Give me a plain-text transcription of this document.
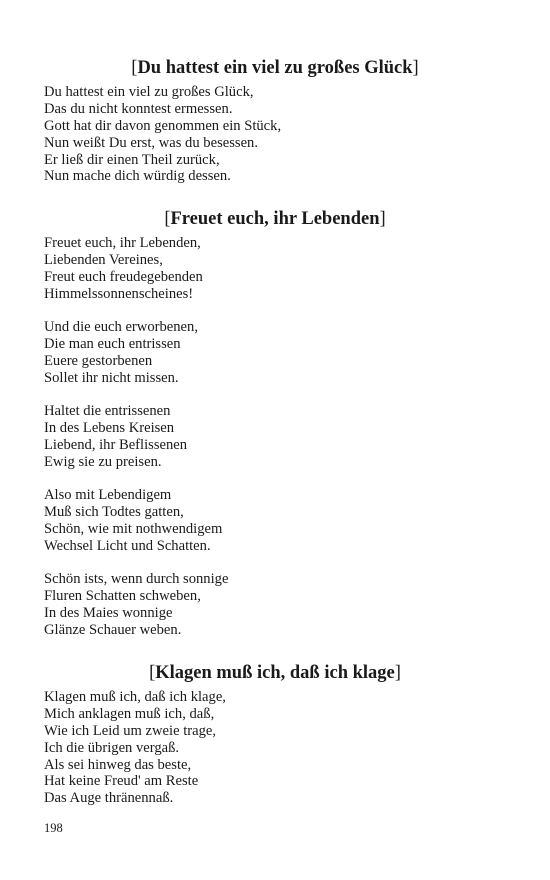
[Du hattest ein viel zu großes Glück]
Du hattest ein viel zu großes Glück,
Das du nicht konntest ermessen.
Gott hat dir davon genommen ein Stück,
Nun weißt Du erst, was du besessen.
Er ließ dir einen Theil zurück,
Nun mache dich würdig dessen.
[Freuet euch, ihr Lebenden]
Freuet euch, ihr Lebenden,
Liebenden Vereines,
Freut euch freudegebenden
Himmelssonnenscheines!
Und die euch erworbenen,
Die man euch entrissen
Euere gestorbenen
Sollet ihr nicht missen.
Haltet die entrissenen
In des Lebens Kreisen
Liebend, ihr Beflissenen
Ewig sie zu preisen.
Also mit Lebendigem
Muß sich Todtes gatten,
Schön, wie mit nothwendigem
Wechsel Licht und Schatten.
Schön ists, wenn durch sonnige
Fluren Schatten schweben,
In des Maies wonnige
Glänze Schauer weben.
[Klagen muß ich, daß ich klage]
Klagen muß ich, daß ich klage,
Mich anklagen muß ich, daß,
Wie ich Leid um zweie trage,
Ich die übrigen vergaß.
Als sei hinweg das beste,
Hat keine Freud' am Reste
Das Auge thränennaß.
198
